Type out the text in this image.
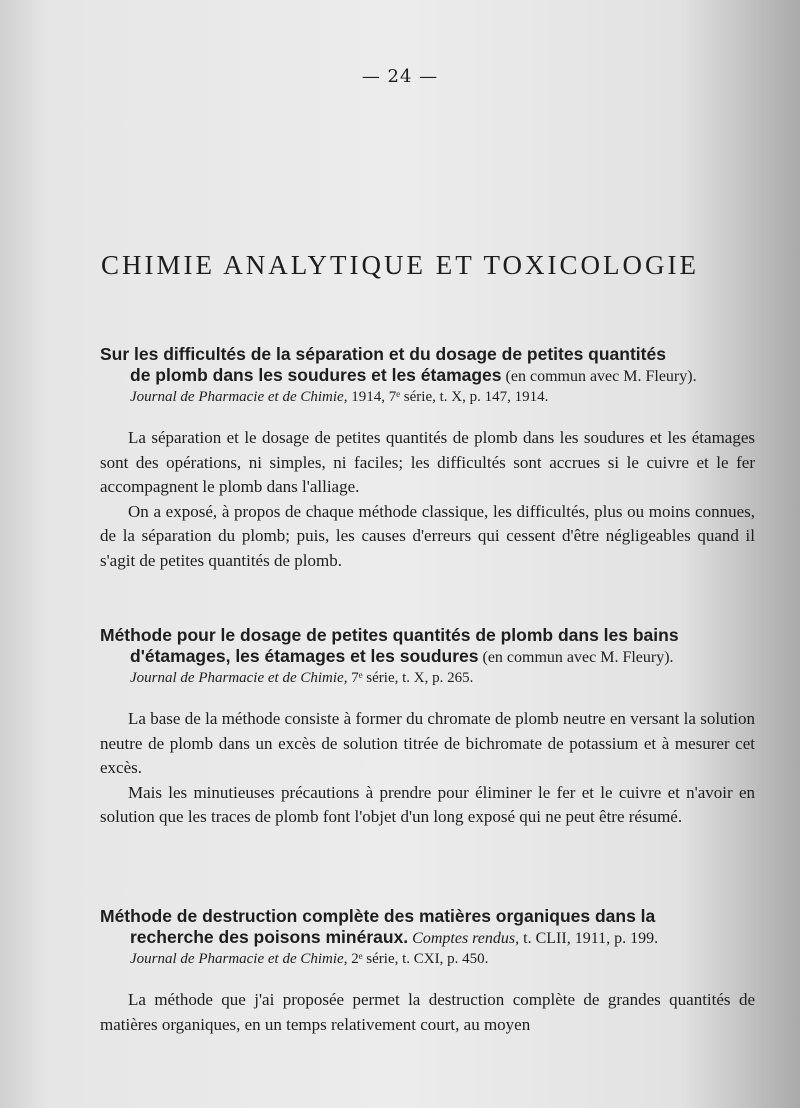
— 24 —
CHIMIE ANALYTIQUE ET TOXICOLOGIE
Sur les difficultés de la séparation et du dosage de petites quantités
de plomb dans les soudures et les étamages (en commun avec M. Fleury).
Journal de Pharmacie et de Chimie, 1914, 7ᵉ série, t. X, p. 147, 1914.

La séparation et le dosage de petites quantités de plomb dans les soudures et les étamages sont des opérations, ni simples, ni faciles; les difficultés sont accrues si le cuivre et le fer accompagnent le plomb dans l'alliage.

On a exposé, à propos de chaque méthode classique, les difficultés, plus ou moins connues, de la séparation du plomb; puis, les causes d'erreurs qui cessent d'être négligeables quand il s'agit de petites quantités de plomb.

Méthode pour le dosage de petites quantités de plomb dans les bains
d'étamages, les étamages et les soudures (en commun avec M. Fleury).
Journal de Pharmacie et de Chimie, 7ᵉ série, t. X, p. 265.

La base de la méthode consiste à former du chromate de plomb neutre en versant la solution neutre de plomb dans un excès de solution titrée de bichromate de potassium et à mesurer cet excès.

Mais les minutieuses précautions à prendre pour éliminer le fer et le cuivre et n'avoir en solution que les traces de plomb font l'objet d'un long exposé qui ne peut être résumé.

Méthode de destruction complète des matières organiques dans la
recherche des poisons minéraux. Comptes rendus, t. CLII, 1911, p. 199.
Journal de Pharmacie et de Chimie, 2ᵉ série, t. CXI, p. 450.

La méthode que j'ai proposée permet la destruction complète de grandes quantités de matières organiques, en un temps relativement court, au moyen
